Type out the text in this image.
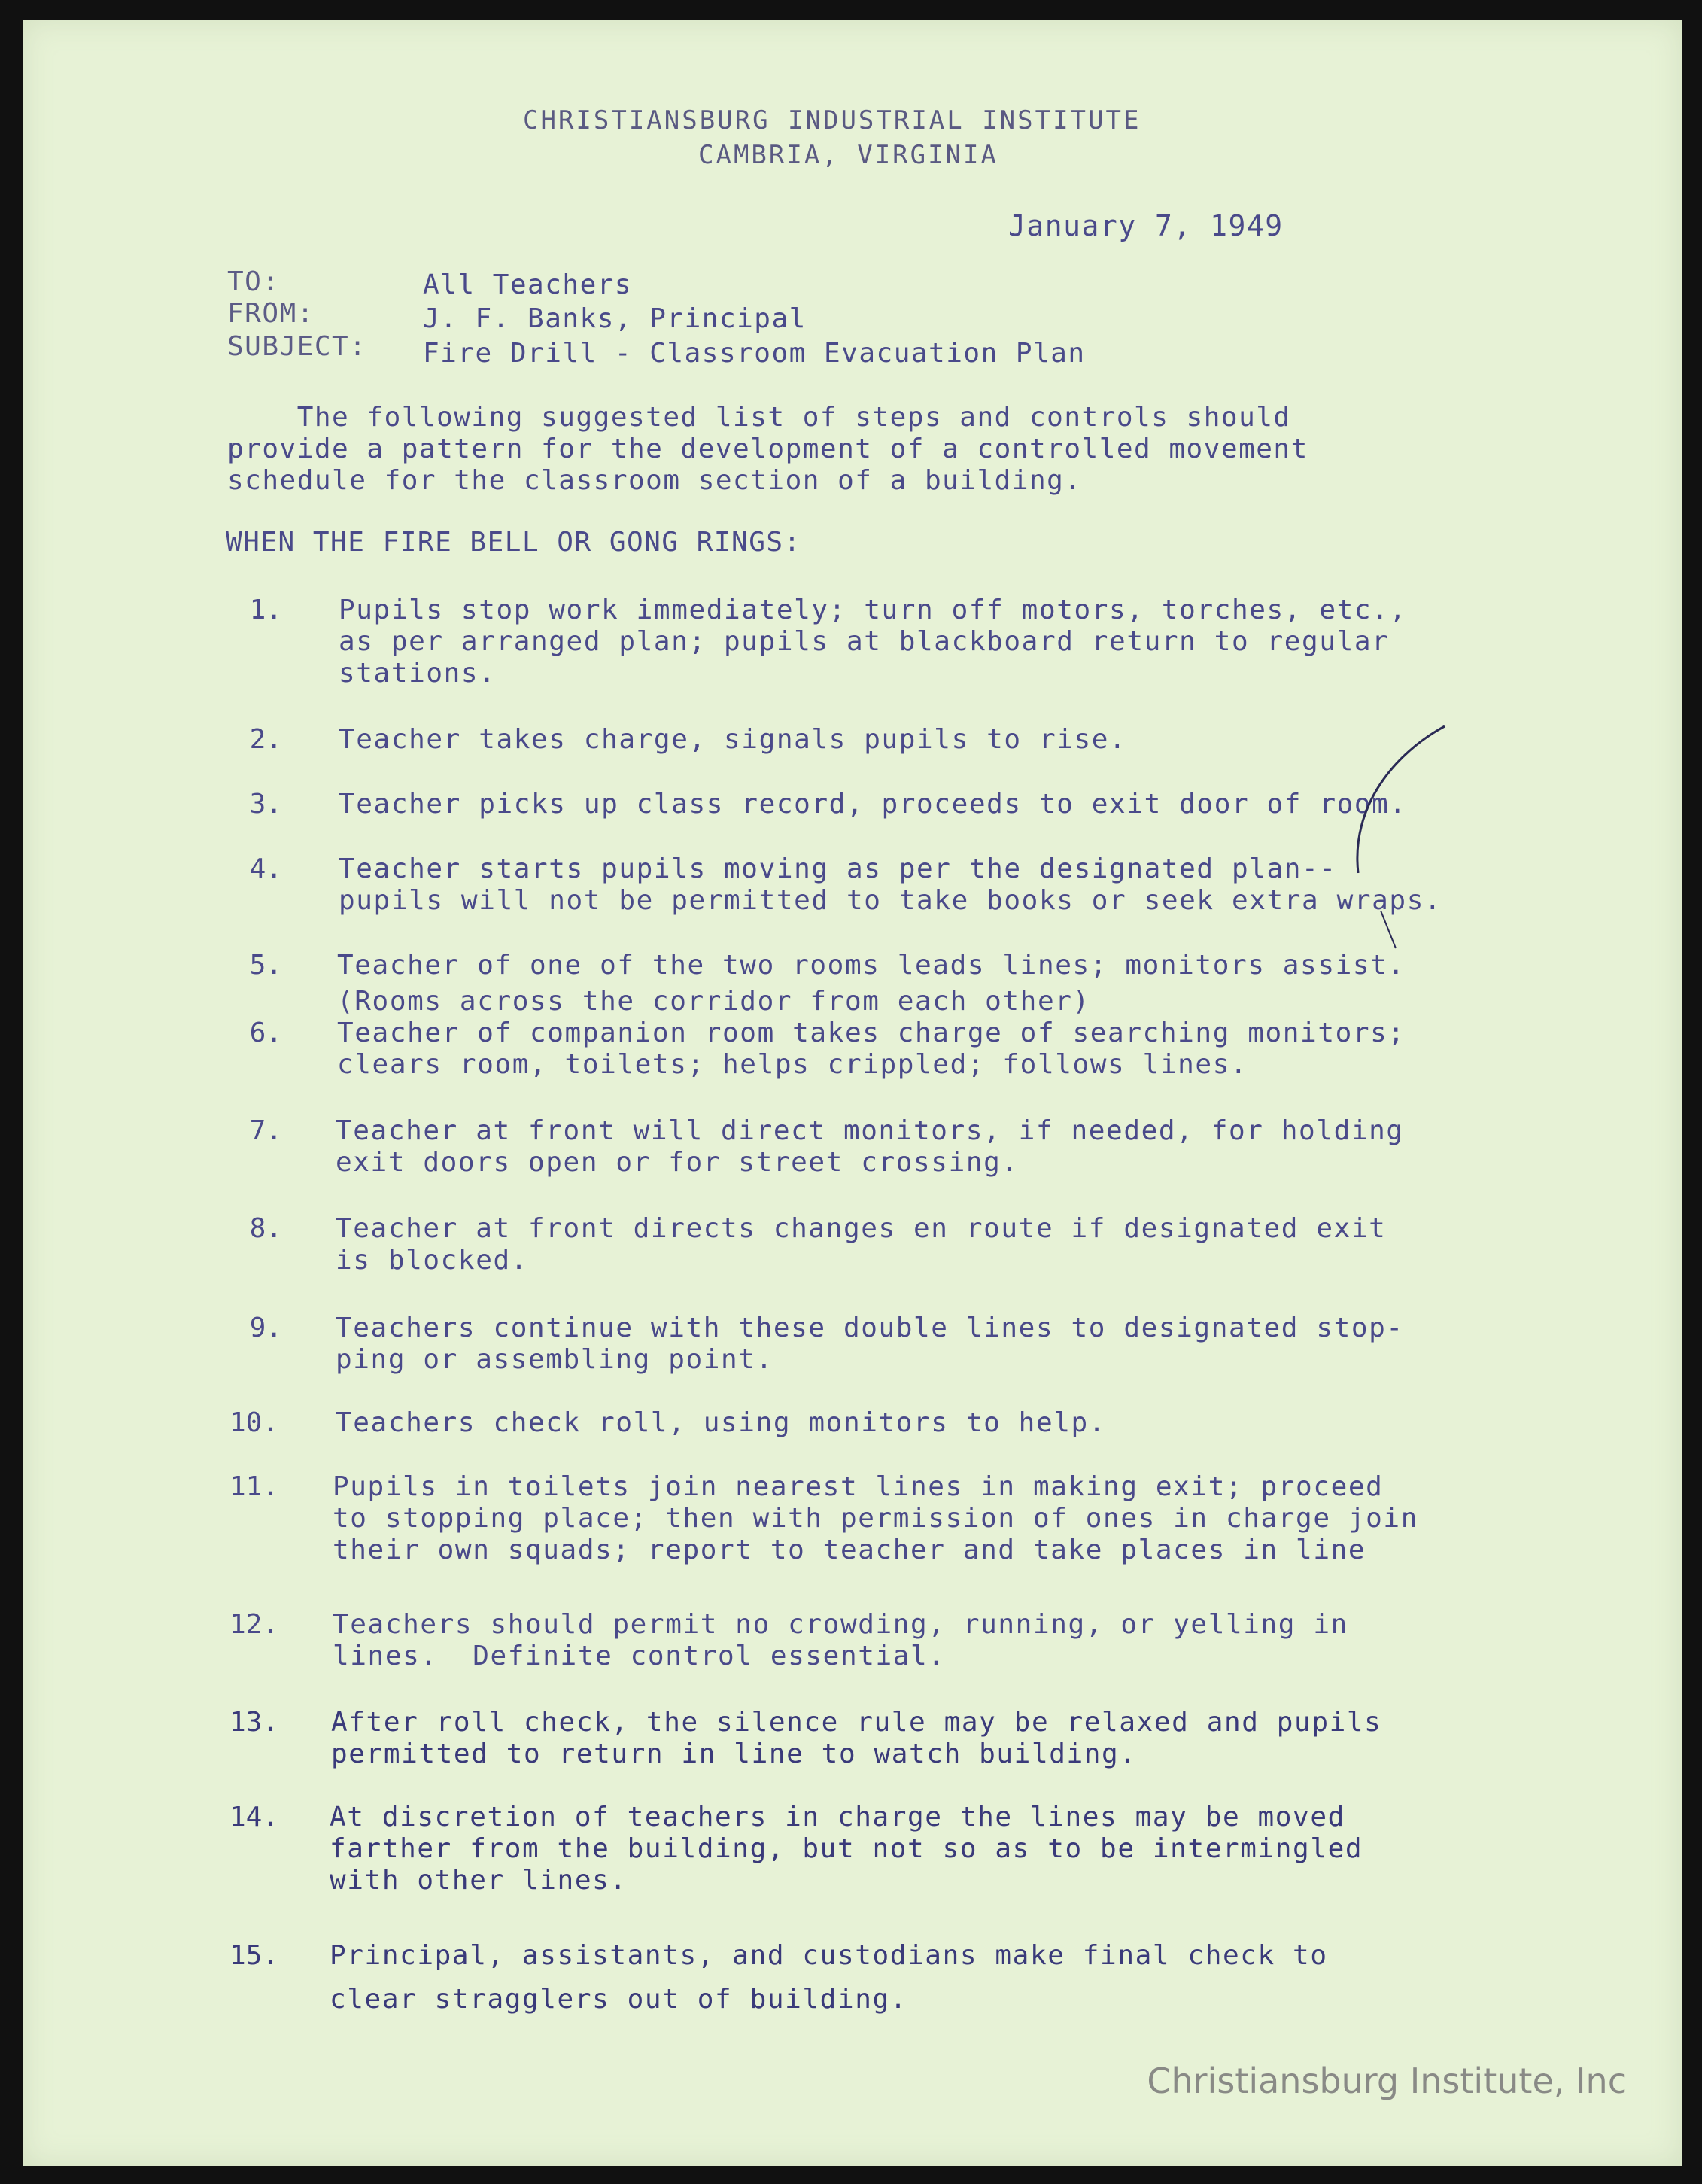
CHRISTIANSBURG INDUSTRIAL INSTITUTE
CAMBRIA, VIRGINIA
January 7, 1949
TO:	All Teachers
FROM:	J. F. Banks, Principal
SUBJECT: Fire Drill - Classroom Evacuation Plan
The following suggested list of steps and controls should
provide a pattern for the development of a controlled movement
schedule for the classroom section of a building.
WHEN THE FIRE BELL OR GONG RINGS:
1. Pupils stop work immediately; turn off motors, torches, etc.,
as per arranged plan; pupils at blackboard return to regular
stations.
2. Teacher takes charge, signals pupils to rise.
3. Teacher picks up class record, proceeds to exit door of room.
4. Teacher starts pupils moving as per the designated plan--
pupils will not be permitted to take books or seek extra wraps.
5. Teacher of one of the two rooms leads lines; monitors assist.
(Rooms across the corridor from each other)
6. Teacher of companion room takes charge of searching monitors;
clears room, toilets; helps crippled; follows lines.
7. Teacher at front will direct monitors, if needed, for holding
exit doors open or for street crossing.
8. Teacher at front directs changes en route if designated exit
is blocked.
9. Teachers continue with these double lines to designated stop-
ping or assembling point.
10. Teachers check roll, using monitors to help.
11. Pupils in toilets join nearest lines in making exit; proceed
to stopping place; then with permission of ones in charge join
their own squads; report to teacher and take places in line
12. Teachers should permit no crowding, running, or yelling in
lines.  Definite control essential.
13. After roll check, the silence rule may be relaxed and pupils
permitted to return in line to watch building.
14. At discretion of teachers in charge the lines may be moved
farther from the building, but not so as to be intermingled
with other lines.
15. Principal, assistants, and custodians make final check to
clear stragglers out of building.
Christiansburg Institute, Inc
